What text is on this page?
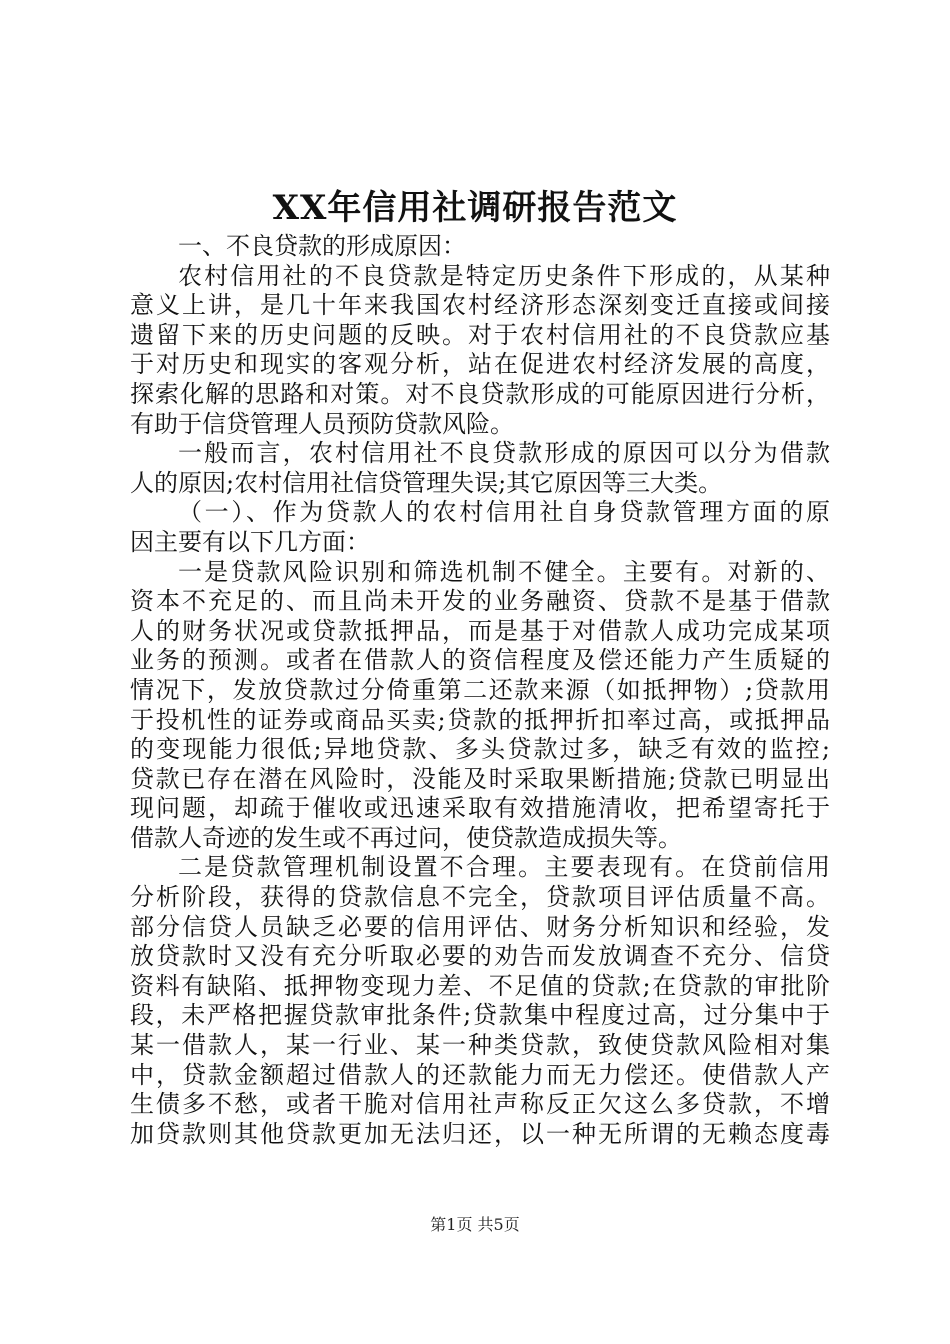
XX年信用社调研报告范文
一、不良贷款的形成原因：
农村信用社的不良贷款是特定历史条件下形成的，从某种
意义上讲，是几十年来我国农村经济形态深刻变迁直接或间接
遗留下来的历史问题的反映。对于农村信用社的不良贷款应基
于对历史和现实的客观分析，站在促进农村经济发展的高度，
探索化解的思路和对策。对不良贷款形成的可能原因进行分析，
有助于信贷管理人员预防贷款风险。
一般而言，农村信用社不良贷款形成的原因可以分为借款
人的原因;农村信用社信贷管理失误;其它原因等三大类。
（一）、作为贷款人的农村信用社自身贷款管理方面的原
因主要有以下几方面：
一是贷款风险识别和筛选机制不健全。主要有。对新的、
资本不充足的、而且尚未开发的业务融资、贷款不是基于借款
人的财务状况或贷款抵押品，而是基于对借款人成功完成某项
业务的预测。或者在借款人的资信程度及偿还能力产生质疑的
情况下，发放贷款过分倚重第二还款来源（如抵押物）;贷款用
于投机性的证券或商品买卖;贷款的抵押折扣率过高，或抵押品
的变现能力很低;异地贷款、多头贷款过多，缺乏有效的监控;
贷款已存在潜在风险时，没能及时采取果断措施;贷款已明显出
现问题，却疏于催收或迅速采取有效措施清收，把希望寄托于
借款人奇迹的发生或不再过问，使贷款造成损失等。
二是贷款管理机制设置不合理。主要表现有。在贷前信用
分析阶段，获得的贷款信息不完全，贷款项目评估质量不高。
部分信贷人员缺乏必要的信用评估、财务分析知识和经验，发
放贷款时又没有充分听取必要的劝告而发放调查不充分、信贷
资料有缺陷、抵押物变现力差、不足值的贷款;在贷款的审批阶
段，未严格把握贷款审批条件;贷款集中程度过高，过分集中于
某一借款人，某一行业、某一种类贷款，致使贷款风险相对集
中，贷款金额超过借款人的还款能力而无力偿还。使借款人产
生债多不愁，或者干脆对信用社声称反正欠这么多贷款，不增
加贷款则其他贷款更加无法归还，以一种无所谓的无赖态度毒
第1页 共5页
